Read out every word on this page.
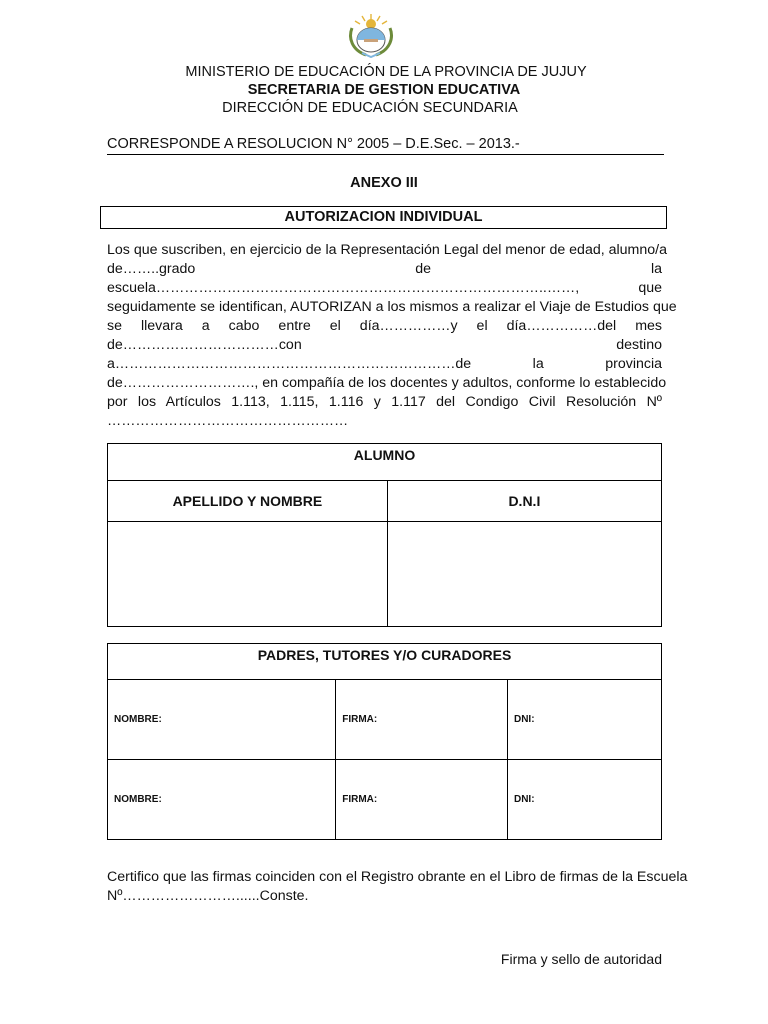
MINISTERIO DE EDUCACIÓN DE LA PROVINCIA DE JUJUY
SECRETARIA DE GESTION EDUCATIVA
DIRECCIÓN DE EDUCACIÓN SECUNDARIA
CORRESPONDE A RESOLUCION N° 2005 – D.E.Sec. – 2013.-
ANEXO III
AUTORIZACION INDIVIDUAL
Los que suscriben, en ejercicio de la Representación Legal del menor de edad, alumno/a
de……..grado de la
escuela………………………………………………………………………..……, que
seguidamente se identifican, AUTORIZAN a los mismos a realizar el Viaje de Estudios que
se llevara a cabo entre el día……………y el día……………del mes
de……………………………con destino
a………………………………………………………………de la provincia
de………………………., en compañía de los docentes y adultos, conforme lo establecido
por los Artículos 1.113, 1.115, 1.116 y 1.117 del Condigo Civil Resolución Nº
……………………………………………
ALUMNO	
APELLIDO Y NOMBRE	D.N.I

PADRES, TUTORES Y/O CURADORES		
NOMBRE:	FIRMA:	DNI:
NOMBRE:	FIRMA:	DNI:
Certifico que las firmas coinciden con el Registro obrante en el Libro de firmas de la Escuela
Nº……………………......Conste.
Firma y sello de autoridad
